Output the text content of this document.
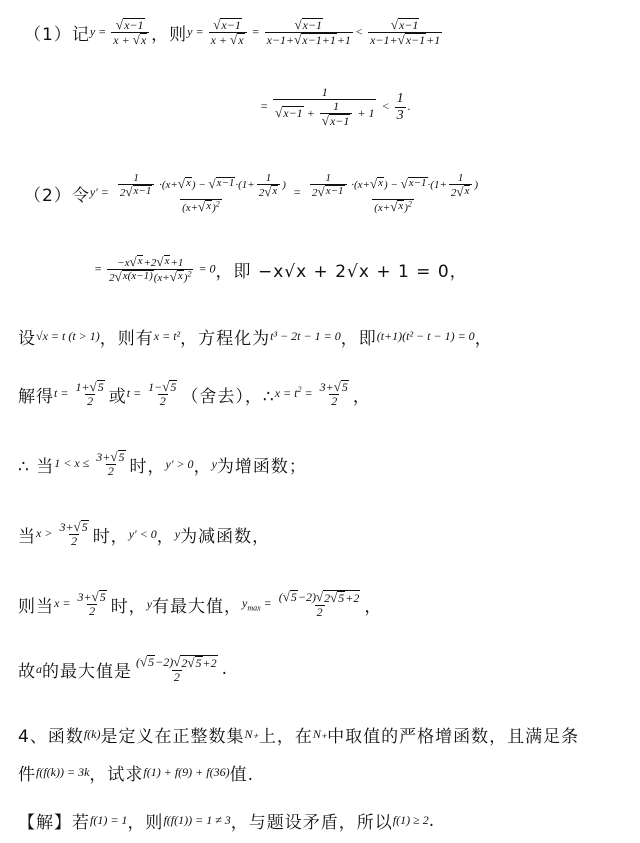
（1）记 $y = \frac{√ x-1}{x + √ x}$ ，则 $y = \frac{√ x-1}{x + √ x} = \frac{√ x-1}{x-1+ √ x-1+1 +1} < \frac{√ x-1}{x-1+ √ x-1 +1}$
= $\frac{1}{√ x-1 + \frac{1}{√ x-1} + 1} < \frac{1}{3}$ .
（2）令 $y' = \frac{\frac{1}{2 √ x-1} \cdot(x+ √ x ) - √ x-1 \cdot(1+ \frac{1}{2 √ x} )}{(x+ √ x )^2} = \frac{\frac{1}{2 √ x-1} \cdot(x+ √ x ) - √ x-1 \cdot(1+ \frac{1}{2 √ x} )}{(x+ √ x )^2}$
= $\frac{-x √ x +2 √ x +1}{2 √ x(x-1) (x+ √ x )^2} = 0$ ，即 −x√x + 2√x + 1 = 0，
设 √x = t (t > 1) ，则有 x = t² ，方程化为 t³ − 2t − 1 = 0 ，即 (t+1)(t² − t − 1) = 0 ，
解得 $t = \frac{1+ √ 5}{2}$ 或 $t = \frac{1- √ 5}{2}$ （舍去），∴ $x = t^2 = \frac{3+ √ 5}{2}$ ，
∴ 当 $1 < x \le \frac{3+ √ 5}{2}$ 时， y′ > 0 ， y 为增函数；
当 $x > \frac{3+ √ 5}{2}$ 时， y′ < 0 ， y 为减函数，
则当 $x = \frac{3+ √ 5}{2}$ 时， y 有最大值， $y_{max} = \frac{( √ 5 -2) √ 2 √ 5 +2}{2}$ ，
故 a 的最大值是 $\frac{( √ 5 -2) √ 2 √ 5 +2}{2}$ .
4、函数 f(k) 是定义在正整数集 N₊ 上，在 N₊ 中取值的严格增函数，且满足条
件 f(f(k)) = 3k ，试求 f(1) + f(9) + f(36) 值.
【解】若 f(1) = 1 ，则 f(f(1)) = 1 ≠ 3 ，与题设矛盾，所以 f(1) ≥ 2 .
